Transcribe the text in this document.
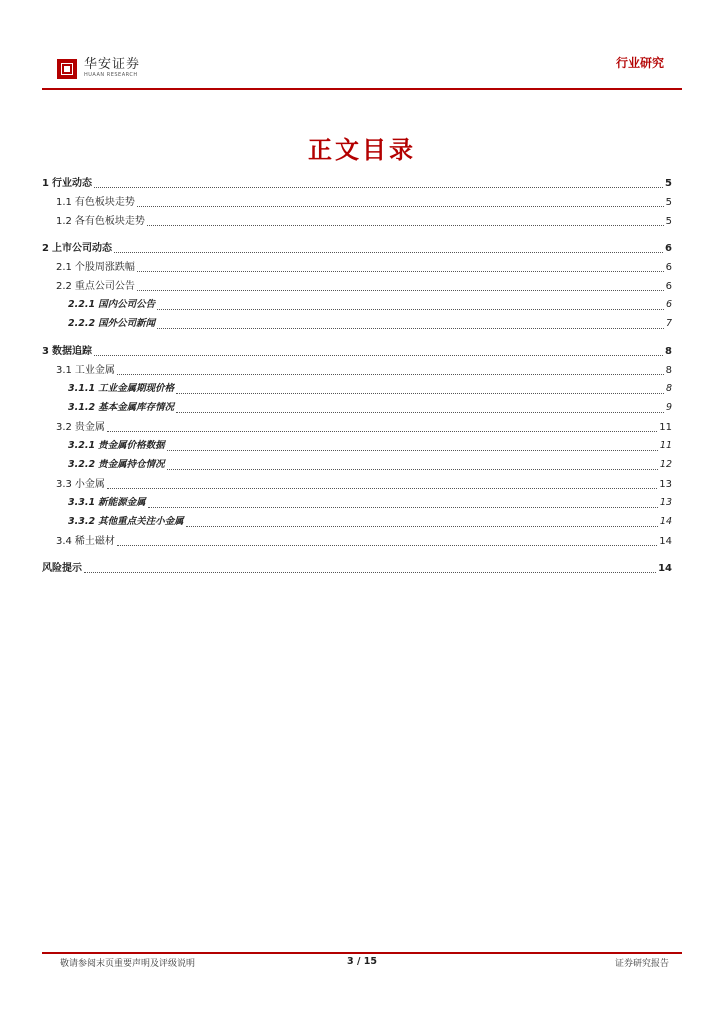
华安证券
HUAAN RESEARCH
行业研究
正文目录
1 行业动态	5
1.1 有色板块走势	5
1.2 各有色板块走势	5
2 上市公司动态	6
2.1 个股周涨跌幅	6
2.2 重点公司公告	6
2.2.1 国内公司公告	6
2.2.2 国外公司新闻	7
3 数据追踪	8
3.1 工业金属	8
3.1.1 工业金属期现价格	8
3.1.2 基本金属库存情况	9
3.2 贵金属	11
3.2.1 贵金属价格数据	11
3.2.2 贵金属持仓情况	12
3.3 小金属	13
3.3.1 新能源金属	13
3.3.2 其他重点关注小金属	14
3.4 稀土磁材	14
风险提示	14
敬请参阅末页重要声明及评级说明	3 / 15	证券研究报告
